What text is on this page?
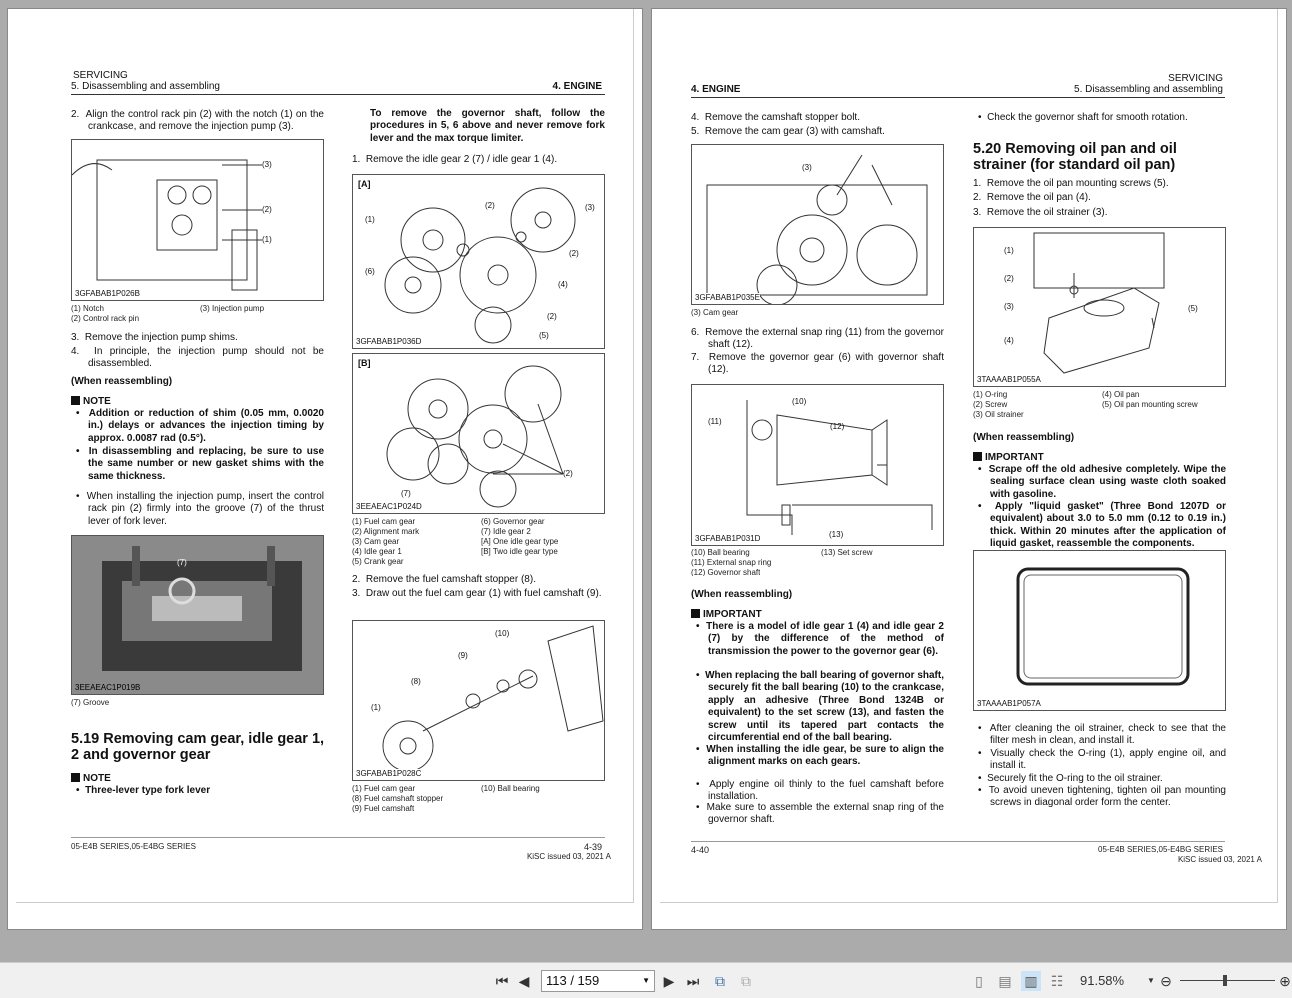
SERVICING
5. Disassembling and assembling	4. ENGINE
2.  Align the control rack pin (2) with the notch (1) on the crankcase, and remove the injection pump (3).
(3)
(2)
(1)
3GFABAB1P026B
(1) Notch
(2) Control rack pin
(3) Injection pump
3.  Remove the injection pump shims.
4.  In principle, the injection pump should not be disassembled.
(When reassembling)
NOTE
•  Addition or reduction of shim (0.05 mm, 0.0020 in.) delays or advances the injection timing by approx. 0.0087 rad (0.5°).
•  In disassembling and replacing, be sure to use the same number or new gasket shims with the same thickness.
•  When installing the injection pump, insert the control rack pin (2) firmly into the groove (7) of the thrust lever of fork lever.
(7)
3EEAEAC1P019B
(7) Groove
5.19 Removing cam gear, idle gear 1, 2 and governor gear
NOTE
•  Three-lever type fork lever
To remove the governor shaft, follow the procedures in 5, 6 above and never remove fork lever and the max torque limiter.
1.  Remove the idle gear 2 (7) / idle gear 1 (4).
[A]
(1)
(2)	(3)
(6)
(2)
(4)
(2)
(5)
3GFABAB1P036D
[B]
(7)
(2)
3EEAEAC1P024D
(1) Fuel cam gear
(2) Alignment mark
(3) Cam gear
(4) Idle gear 1
(5) Crank gear
(6) Governor gear
(7) Idle gear 2
[A] One idle gear type
[B] Two idle gear type
2.  Remove the fuel camshaft stopper (8).
3.  Draw out the fuel cam gear (1) with fuel camshaft (9).
(10)
(9)
(8)
(1)
3GFABAB1P028C
(1) Fuel cam gear
(8) Fuel camshaft stopper
(9) Fuel camshaft
(10) Ball bearing
05-E4B SERIES,05-E4BG SERIES	4-39
KiSC issued 03, 2021 A
SERVICING
5. Disassembling and assembling
4. ENGINE
4.  Remove the camshaft stopper bolt.
5.  Remove the cam gear (3) with camshaft.
(3)
3GFABAB1P035E
(3) Cam gear
6.  Remove the external snap ring (11) from the governor shaft (12).
7.  Remove the governor gear (6) with governor shaft (12).
(10)
(11)
(12)
(13)
3GFABAB1P031D
(10) Ball bearing
(11) External snap ring
(12) Governor shaft
(13) Set screw
(When reassembling)
IMPORTANT
•  There is a model of idle gear 1 (4) and idle gear 2 (7) by the difference of the method of transmission the power to the governor gear (6).
•  When replacing the ball bearing of governor shaft, securely fit the ball bearing (10) to the crankcase, apply an adhesive (Three Bond 1324B or equivalent) to the set screw (13), and fasten the screw until its tapered part contacts the circumferential end of the ball bearing.
•  When installing the idle gear, be sure to align the alignment marks on each gears.
•  Apply engine oil thinly to the fuel camshaft before installation.
•  Make sure to assemble the external snap ring of the governor shaft.
•  Check the governor shaft for smooth rotation.
5.20 Removing oil pan and oil strainer (for standard oil pan)
1.  Remove the oil pan mounting screws (5).
2.  Remove the oil pan (4).
3.  Remove the oil strainer (3).
(1)
(2)
(3)
(4)
(5)
3TAAAAB1P055A
(1) O-ring
(2) Screw
(3) Oil strainer
(4) Oil pan
(5) Oil pan mounting screw
(When reassembling)
IMPORTANT
•  Scrape off the old adhesive completely. Wipe the sealing surface clean using waste cloth soaked with gasoline.
•  Apply "liquid gasket" (Three Bond 1207D or equivalent) about 3.0 to 5.0 mm (0.12 to 0.19 in.) thick. Within 20 minutes after the application of liquid gasket, reassemble the components.
3TAAAAB1P057A
•  After cleaning the oil strainer, check to see that the filter mesh in clean, and install it.
•  Visually check the O-ring (1), apply engine oil, and install it.
•  Securely fit the O-ring to the oil strainer.
•  To avoid uneven tightening, tighten oil pan mounting screws in diagonal order form the center.
4-40	05-E4B SERIES,05-E4BG SERIES
KiSC issued 03, 2021 A
⏮ ◀	113 / 159	▼ ▶ ⏭ ⧉ ⧉	▯ ▤ ▥ ☷ 91.58%	▼ ⊖	⊕
